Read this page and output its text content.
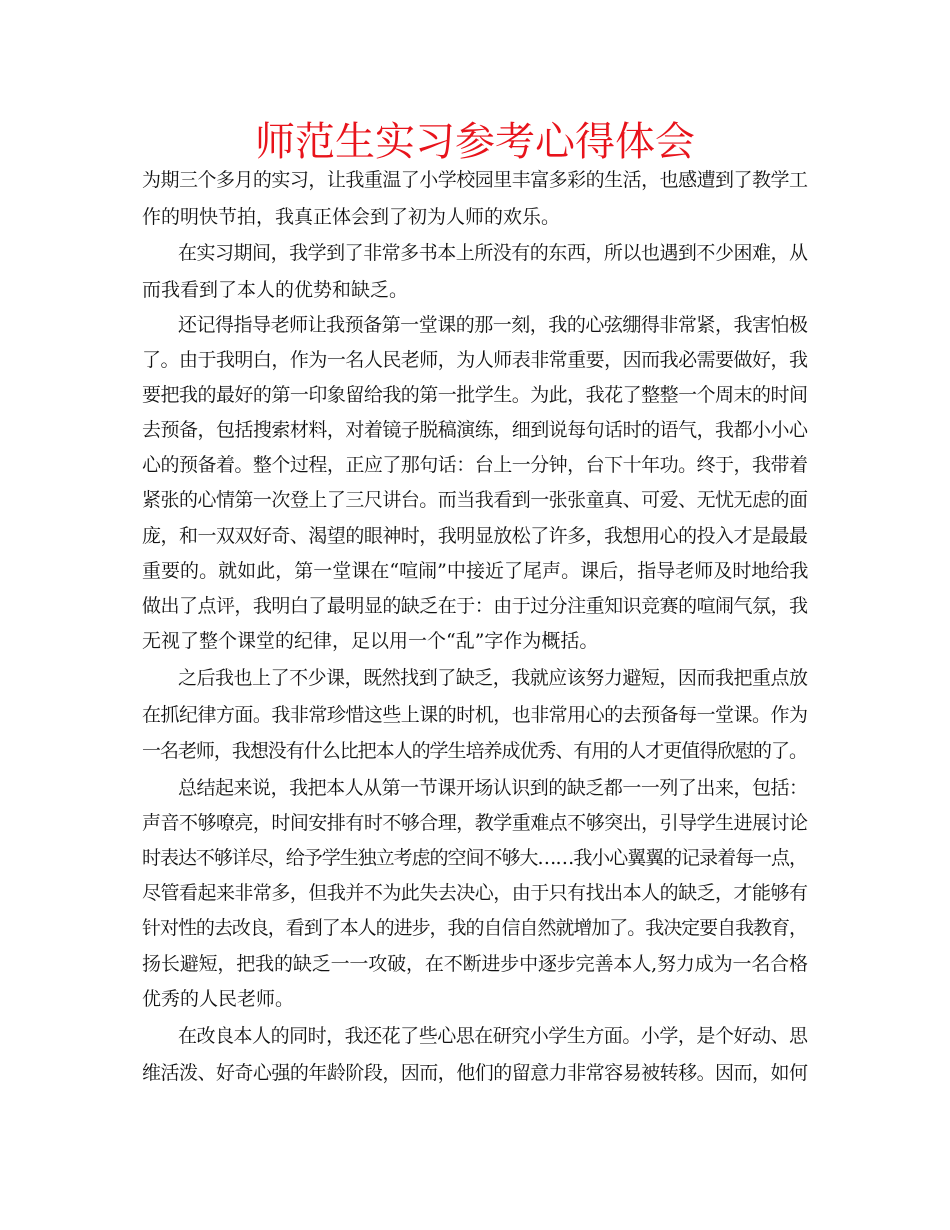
师范生实习参考心得体会

为期三个多月的实习，让我重温了小学校园里丰富多彩的生活，也感遭到了教学工

作的明快节拍，我真正体会到了初为人师的欢乐。

在实习期间，我学到了非常多书本上所没有的东西，所以也遇到不少困难，从

而我看到了本人的优势和缺乏。

还记得指导老师让我预备第一堂课的那一刻，我的心弦绷得非常紧，我害怕极

了。由于我明白，作为一名人民老师，为人师表非常重要，因而我必需要做好，我

要把我的最好的第一印象留给我的第一批学生。为此，我花了整整一个周末的时间

去预备，包括搜索材料，对着镜子脱稿演练，细到说每句话时的语气，我都小小心

心的预备着。整个过程，正应了那句话：台上一分钟，台下十年功。终于，我带着

紧张的心情第一次登上了三尺讲台。而当我看到一张张童真、可爱、无忧无虑的面

庞，和一双双好奇、渴望的眼神时，我明显放松了许多，我想用心的投入才是最最

重要的。就如此，第一堂课在“喧闹”中接近了尾声。课后，指导老师及时地给我

做出了点评，我明白了最明显的缺乏在于：由于过分注重知识竞赛的喧闹气氛，我

无视了整个课堂的纪律，足以用一个“乱”字作为概括。

之后我也上了不少课，既然找到了缺乏，我就应该努力避短，因而我把重点放

在抓纪律方面。我非常珍惜这些上课的时机，也非常用心的去预备每一堂课。作为

一名老师，我想没有什么比把本人的学生培养成优秀、有用的人才更值得欣慰的了。

总结起来说，我把本人从第一节课开场认识到的缺乏都一一列了出来，包括：

声音不够嘹亮，时间安排有时不够合理，教学重难点不够突出，引导学生进展讨论

时表达不够详尽，给予学生独立考虑的空间不够大……我小心翼翼的记录着每一点，

尽管看起来非常多，但我并不为此失去决心，由于只有找出本人的缺乏，才能够有

针对性的去改良，看到了本人的进步，我的自信自然就增加了。我决定要自我教育，

扬长避短，把我的缺乏一一攻破，在不断进步中逐步完善本人,努力成为一名合格

优秀的人民老师。

在改良本人的同时，我还花了些心思在研究小学生方面。小学，是个好动、思

维活泼、好奇心强的年龄阶段，因而，他们的留意力非常容易被转移。因而，如何
